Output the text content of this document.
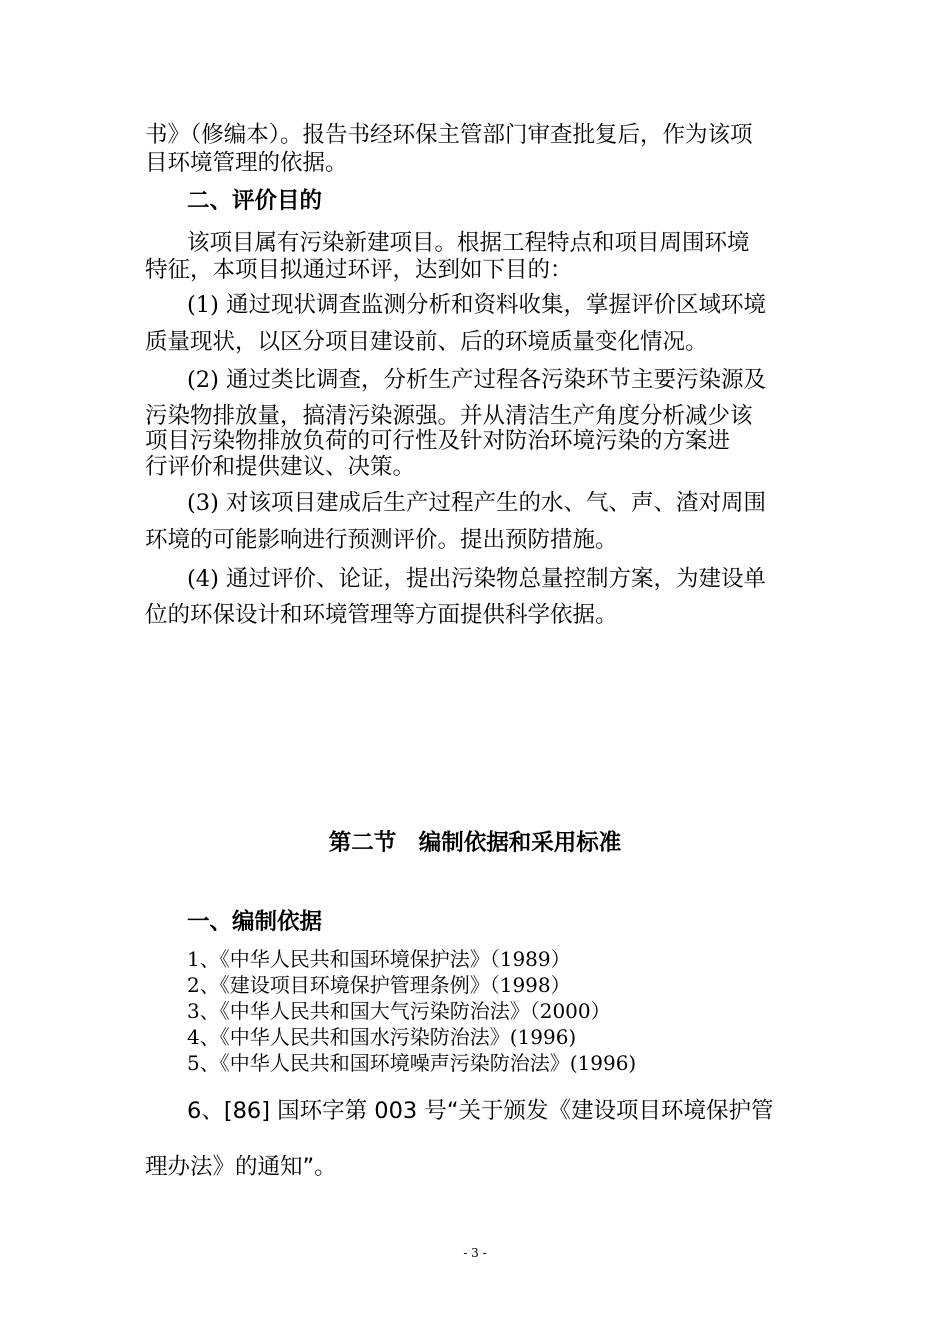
书》（修编本）。报告书经环保主管部门审查批复后，作为该项
目环境管理的依据。
二、评价目的
该项目属有污染新建项目。根据工程特点和项目周围环境
特征，本项目拟通过环评，达到如下目的：
(1) 通过现状调查监测分析和资料收集，掌握评价区域环境
质量现状，以区分项目建设前、后的环境质量变化情况。
(2) 通过类比调查，分析生产过程各污染环节主要污染源及
污染物排放量，搞清污染源强。并从清洁生产角度分析减少该
项目污染物排放负荷的可行性及针对防治环境污染的方案进
行评价和提供建议、决策。
(3) 对该项目建成后生产过程产生的水、气、声、渣对周围
环境的可能影响进行预测评价。提出预防措施。
(4) 通过评价、论证，提出污染物总量控制方案，为建设单
位的环保设计和环境管理等方面提供科学依据。
第二节　编制依据和采用标准
一、编制依据
1、《中华人民共和国环境保护法》（1989）
2、《建设项目环境保护管理条例》（1998）
3、《中华人民共和国大气污染防治法》（2000）
4、《中华人民共和国水污染防治法》(1996)
5、《中华人民共和国环境噪声污染防治法》(1996)
6、[86] 国环字第 003 号“关于颁发《建设项目环境保护管
理办法》的通知”。
- 3 -
